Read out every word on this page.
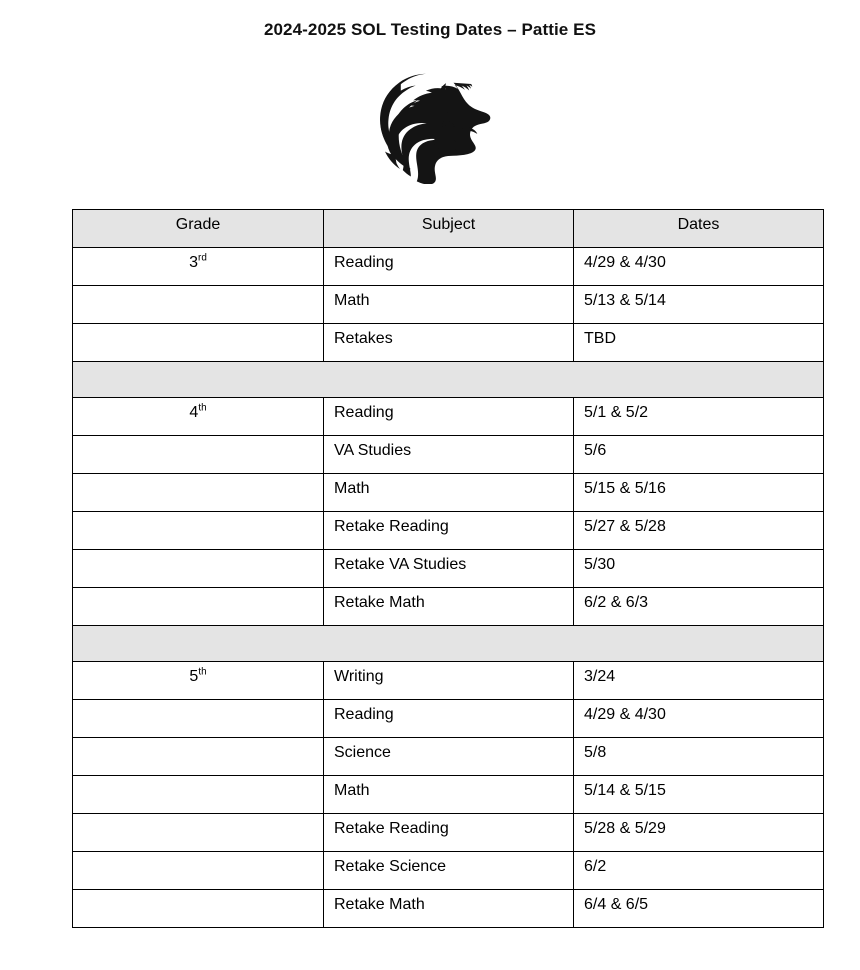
2024-2025 SOL Testing Dates – Pattie ES
Grade	Subject	Dates
3rd	Reading	4/29 & 4/30
	Math	5/13 & 5/14
	Retakes	TBD

4th	Reading	5/1 & 5/2
	VA Studies	5/6
	Math	5/15 & 5/16
	Retake Reading	5/27 & 5/28
	Retake VA Studies	5/30
	Retake Math	6/2 & 6/3

5th	Writing	3/24
	Reading	4/29 & 4/30
	Science	5/8
	Math	5/14 & 5/15
	Retake Reading	5/28 & 5/29
	Retake Science	6/2
	Retake Math	6/4 & 6/5
